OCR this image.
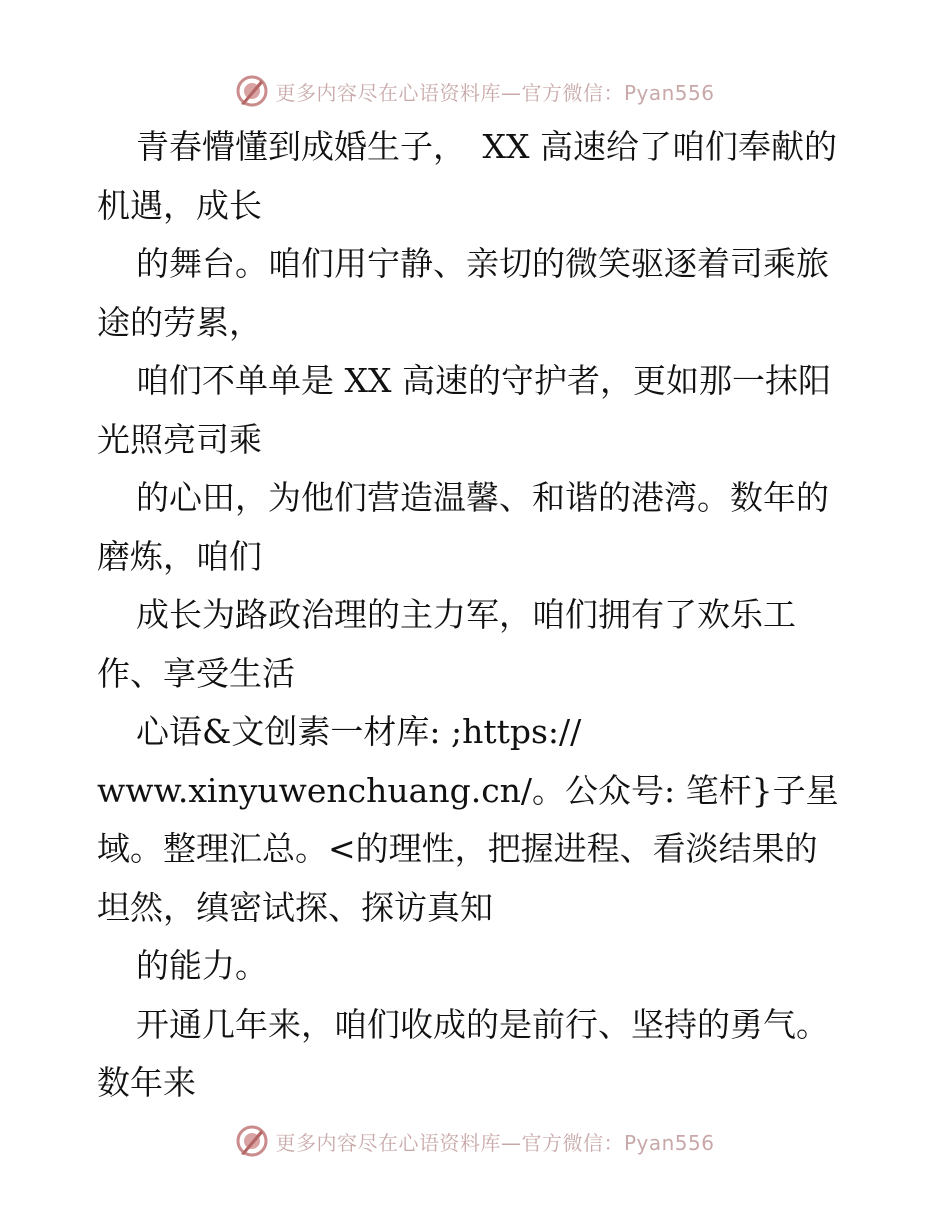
更多内容尽在心语资料库—官方微信：Pyan556
青春懵懂到成婚生子，　XX 高速给了咱们奉献的
机遇，成长
的舞台。咱们用宁静、亲切的微笑驱逐着司乘旅
途的劳累，
咱们不单单是 XX 高速的守护者，更如那一抹阳
光照亮司乘
的心田，为他们营造温馨、和谐的港湾。数年的
磨炼，咱们
成长为路政治理的主力军，咱们拥有了欢乐工
作、享受生活
心语&文创素一材库: ;https://
www.xinyuwenchuang.cn/。公众号: 笔杆}子星
域。整理汇总。<的理性，把握进程、看淡结果的
坦然，缜密试探、探访真知
的能力。
开通几年来，咱们收成的是前行、坚持的勇气。
数年来
更多内容尽在心语资料库—官方微信：Pyan556
